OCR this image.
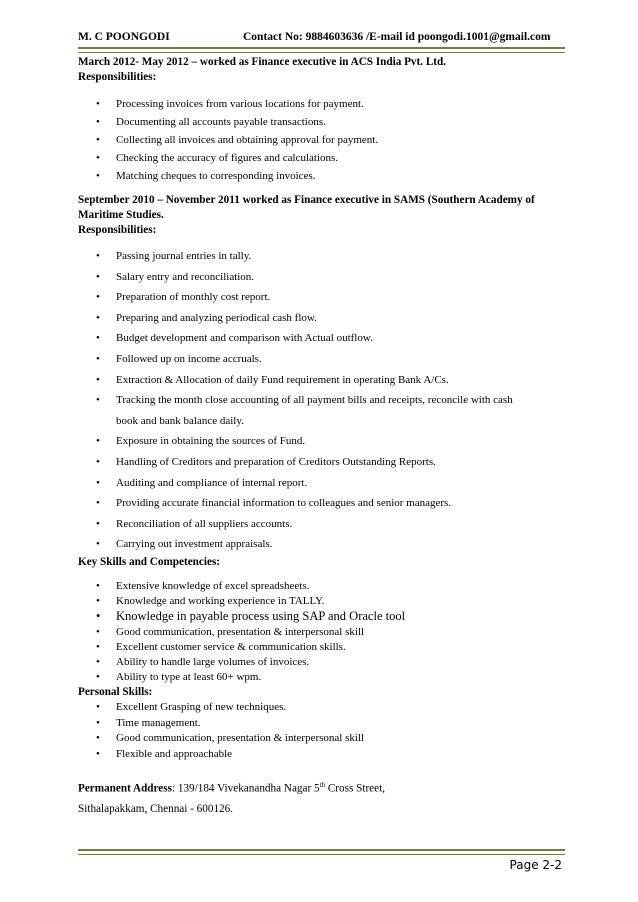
M. C POONGODI	Contact No: 9884603636 /E-mail id poongodi.1001@gmail.com

March 2012- May 2012 – worked as Finance executive in ACS India Pvt. Ltd.

Responsibilities:

• Processing invoices from various locations for payment.
• Documenting all accounts payable transactions.
• Collecting all invoices and obtaining approval for payment.
• Checking the accuracy of figures and calculations.
• Matching cheques to corresponding invoices.

September 2010 – November 2011 worked as Finance executive in SAMS (Southern Academy of

Maritime Studies.

Responsibilities:

• Passing journal entries in tally.
• Salary entry and reconciliation.
• Preparation of monthly cost report.
• Preparing and analyzing periodical cash flow.
• Budget development and comparison with Actual outflow.
• Followed up on income accruals.
• Extraction & Allocation of daily Fund requirement in operating Bank A/Cs.
• Tracking the month close accounting of all payment bills and receipts, reconcile with cash
book and bank balance daily.
• Exposure in obtaining the sources of Fund.
• Handling of Creditors and preparation of Creditors Outstanding Reports.
• Auditing and compliance of internal report.
• Providing accurate financial information to colleagues and senior managers.
• Reconciliation of all suppliers accounts.
• Carrying out investment appraisals.

Key Skills and Competencies:

• Extensive knowledge of excel spreadsheets.
• Knowledge and working experience in TALLY.
• Knowledge in payable process using SAP and Oracle tool
• Good communication, presentation & interpersonal skill
• Excellent customer service & communication skills.
• Ability to handle large volumes of invoices.
• Ability to type at least 60+ wpm.

Personal Skills:

• Excellent Grasping of new techniques.
• Time management.
• Good communication, presentation & interpersonal skill
• Flexible and approachable
Permanent Address: 139/184 Vivekanandha Nagar 5th Cross Street,
Sithalapakkam, Chennai - 600126.
Page 2-2
